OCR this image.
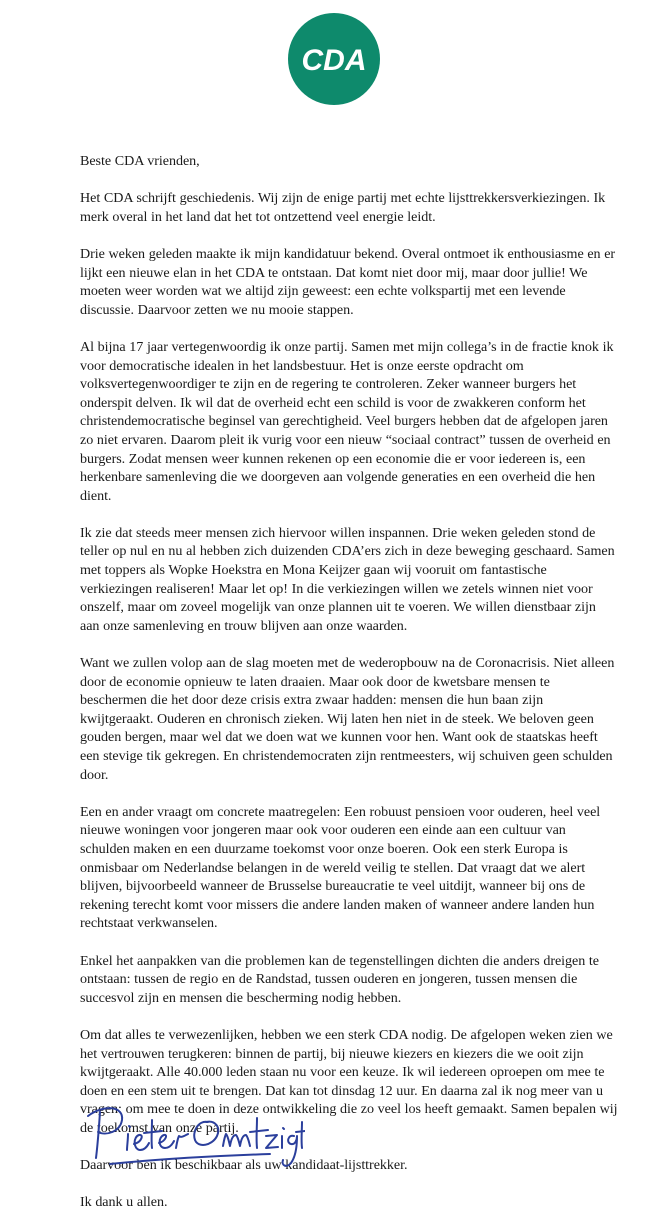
CDA

Beste CDA vrienden,

Het CDA schrijft geschiedenis. Wij zijn de enige partij met echte lijsttrekkersverkiezingen. Ik merk overal in het land dat het tot ontzettend veel energie leidt.

Drie weken geleden maakte ik mijn kandidatuur bekend. Overal ontmoet ik enthousiasme en er lijkt een nieuwe elan in het CDA te ontstaan. Dat komt niet door mij, maar door jullie! We moeten weer worden wat we altijd zijn geweest: een echte volkspartij met een levende discussie. Daarvoor zetten we nu mooie stappen.

Al bijna 17 jaar vertegenwoordig ik onze partij. Samen met mijn collega’s in de fractie knok ik voor democratische idealen in het landsbestuur. Het is onze eerste opdracht om volksvertegenwoordiger te zijn en de regering te controleren. Zeker wanneer burgers het onderspit delven. Ik wil dat de overheid echt een schild is voor de zwakkeren conform het christendemocratische beginsel van gerechtigheid. Veel burgers hebben dat de afgelopen jaren zo niet ervaren. Daarom pleit ik vurig voor een nieuw “sociaal contract” tussen de overheid en burgers. Zodat mensen weer kunnen rekenen op een economie die er voor iedereen is, een herkenbare samenleving die we doorgeven aan volgende generaties en een overheid die hen dient.

Ik zie dat steeds meer mensen zich hiervoor willen inspannen. Drie weken geleden stond de teller op nul en nu al hebben zich duizenden CDA’ers zich in deze beweging geschaard. Samen met toppers als Wopke Hoekstra en Mona Keijzer gaan wij vooruit om fantastische verkiezingen realiseren! Maar let op! In die verkiezingen willen we zetels winnen niet voor onszelf, maar om zoveel mogelijk van onze plannen uit te voeren. We willen dienstbaar zijn aan onze samenleving en trouw blijven aan onze waarden.

Want we zullen volop aan de slag moeten met de wederopbouw na de Coronacrisis. Niet alleen door de economie opnieuw te laten draaien. Maar ook door de kwetsbare mensen te beschermen die het door deze crisis extra zwaar hadden: mensen die hun baan zijn kwijtgeraakt. Ouderen en chronisch zieken. Wij laten hen niet in de steek. We beloven geen gouden bergen, maar wel dat we doen wat we kunnen voor hen. Want ook de staatskas heeft een stevige tik gekregen. En christendemocraten zijn rentmeesters, wij schuiven geen schulden door.

Een en ander vraagt om concrete maatregelen: Een robuust pensioen voor ouderen, heel veel nieuwe woningen voor jongeren maar ook voor ouderen een einde aan een cultuur van schulden maken en een duurzame toekomst voor onze boeren. Ook een sterk Europa is onmisbaar om Nederlandse belangen in de wereld veilig te stellen. Dat vraagt dat we alert blijven, bijvoorbeeld wanneer de Brusselse bureaucratie te veel uitdijt, wanneer bij ons de rekening terecht komt voor missers die andere landen maken of wanneer andere landen hun rechtstaat verkwanselen.

Enkel het aanpakken van die problemen kan de tegenstellingen dichten die anders dreigen te ontstaan: tussen de regio en de Randstad, tussen ouderen en jongeren, tussen mensen die succesvol zijn en mensen die bescherming nodig hebben.

Om dat alles te verwezenlijken, hebben we een sterk CDA nodig. De afgelopen weken zien we het vertrouwen terugkeren: binnen de partij, bij nieuwe kiezers en kiezers die we ooit zijn kwijtgeraakt. Alle 40.000 leden staan nu voor een keuze. Ik wil iedereen oproepen om mee te doen en een stem uit te brengen. Dat kan tot dinsdag 12 uur. En daarna zal ik nog meer van u vragen: om mee te doen in deze ontwikkeling die zo veel los heeft gemaakt. Samen bepalen wij de toekomst van onze partij.

Daarvoor ben ik beschikbaar als uw kandidaat-lijsttrekker.

Ik dank u allen.
